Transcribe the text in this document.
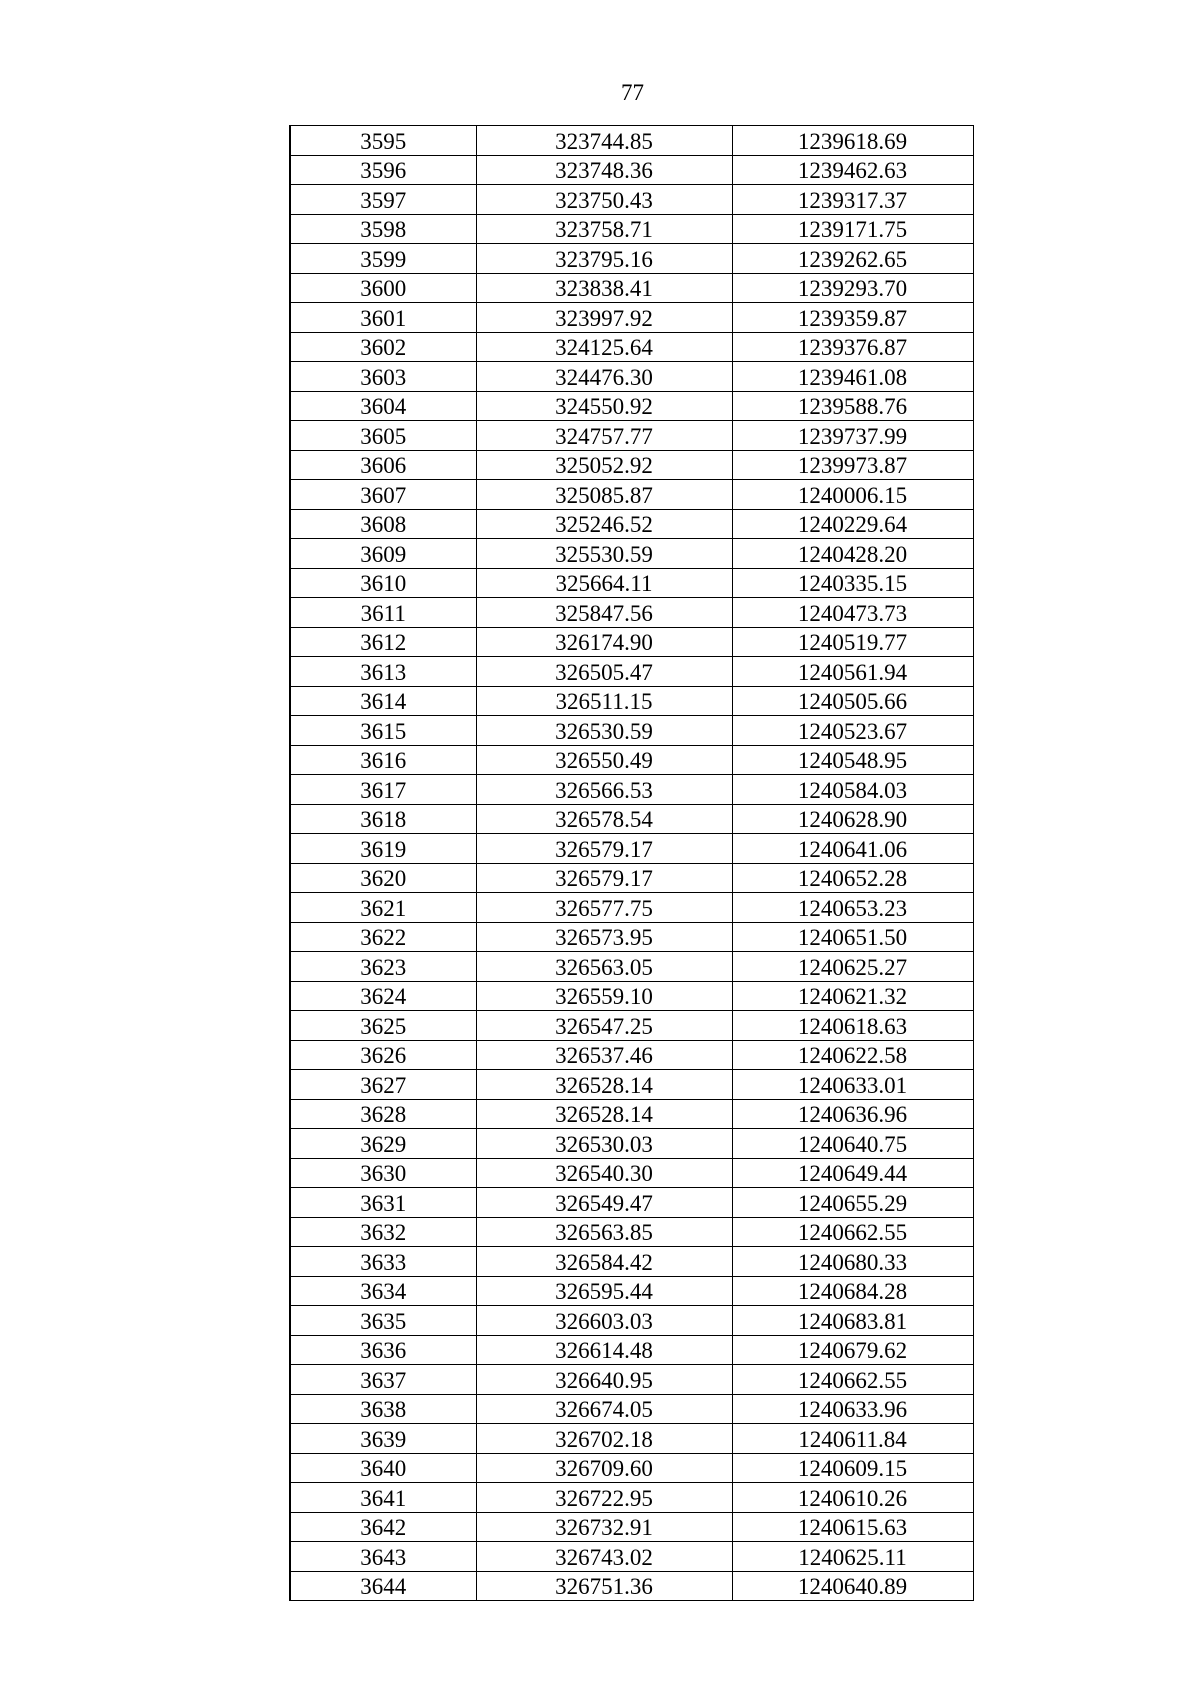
77
3595	323744.85	1239618.69
3596	323748.36	1239462.63
3597	323750.43	1239317.37
3598	323758.71	1239171.75
3599	323795.16	1239262.65
3600	323838.41	1239293.70
3601	323997.92	1239359.87
3602	324125.64	1239376.87
3603	324476.30	1239461.08
3604	324550.92	1239588.76
3605	324757.77	1239737.99
3606	325052.92	1239973.87
3607	325085.87	1240006.15
3608	325246.52	1240229.64
3609	325530.59	1240428.20
3610	325664.11	1240335.15
3611	325847.56	1240473.73
3612	326174.90	1240519.77
3613	326505.47	1240561.94
3614	326511.15	1240505.66
3615	326530.59	1240523.67
3616	326550.49	1240548.95
3617	326566.53	1240584.03
3618	326578.54	1240628.90
3619	326579.17	1240641.06
3620	326579.17	1240652.28
3621	326577.75	1240653.23
3622	326573.95	1240651.50
3623	326563.05	1240625.27
3624	326559.10	1240621.32
3625	326547.25	1240618.63
3626	326537.46	1240622.58
3627	326528.14	1240633.01
3628	326528.14	1240636.96
3629	326530.03	1240640.75
3630	326540.30	1240649.44
3631	326549.47	1240655.29
3632	326563.85	1240662.55
3633	326584.42	1240680.33
3634	326595.44	1240684.28
3635	326603.03	1240683.81
3636	326614.48	1240679.62
3637	326640.95	1240662.55
3638	326674.05	1240633.96
3639	326702.18	1240611.84
3640	326709.60	1240609.15
3641	326722.95	1240610.26
3642	326732.91	1240615.63
3643	326743.02	1240625.11
3644	326751.36	1240640.89
